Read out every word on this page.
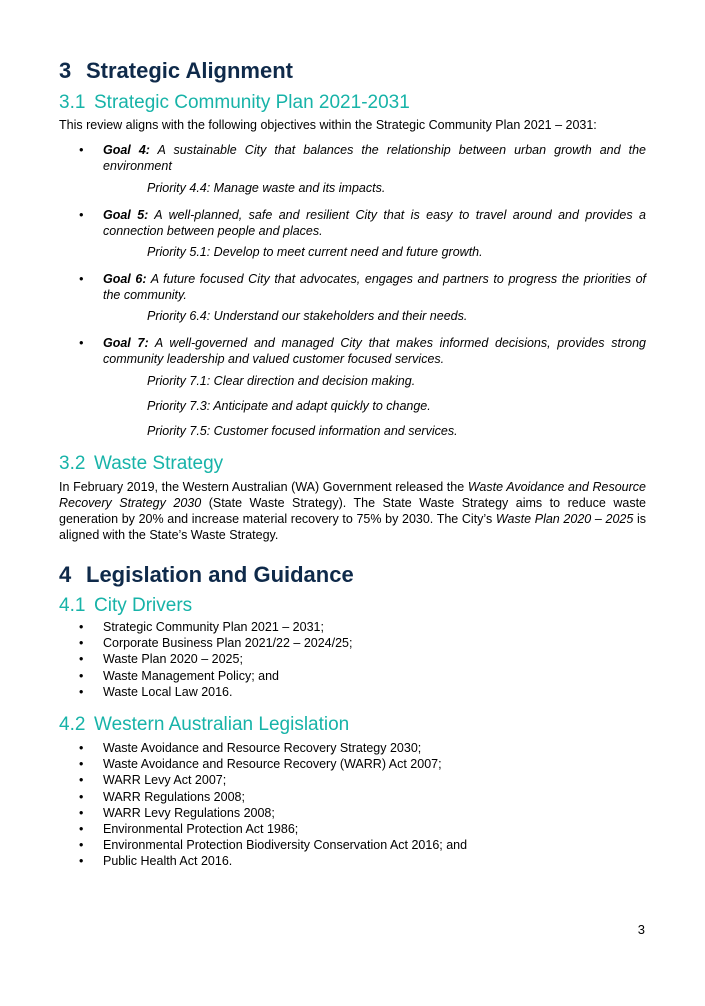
3 Strategic Alignment
3.1 Strategic Community Plan 2021-2031
This review aligns with the following objectives within the Strategic Community Plan 2021 – 2031:
• Goal 4: A sustainable City that balances the relationship between urban growth and the environment
Priority 4.4: Manage waste and its impacts.
• Goal 5: A well-planned, safe and resilient City that is easy to travel around and provides a connection between people and places.
Priority 5.1: Develop to meet current need and future growth.
• Goal 6: A future focused City that advocates, engages and partners to progress the priorities of the community.
Priority 6.4: Understand our stakeholders and their needs.
• Goal 7: A well-governed and managed City that makes informed decisions, provides strong community leadership and valued customer focused services.
Priority 7.1: Clear direction and decision making.
Priority 7.3: Anticipate and adapt quickly to change.
Priority 7.5: Customer focused information and services.
3.2 Waste Strategy
In February 2019, the Western Australian (WA) Government released the Waste Avoidance and Resource Recovery Strategy 2030 (State Waste Strategy). The State Waste Strategy aims to reduce waste generation by 20% and increase material recovery to 75% by 2030. The City’s Waste Plan 2020 – 2025 is aligned with the State’s Waste Strategy.
4 Legislation and Guidance
4.1 City Drivers
• Strategic Community Plan 2021 – 2031;
• Corporate Business Plan 2021/22 – 2024/25;
• Waste Plan 2020 – 2025;
• Waste Management Policy; and
• Waste Local Law 2016.
4.2 Western Australian Legislation
• Waste Avoidance and Resource Recovery Strategy 2030;
• Waste Avoidance and Resource Recovery (WARR) Act 2007;
• WARR Levy Act 2007;
• WARR Regulations 2008;
• WARR Levy Regulations 2008;
• Environmental Protection Act 1986;
• Environmental Protection Biodiversity Conservation Act 2016; and
• Public Health Act 2016.
3
